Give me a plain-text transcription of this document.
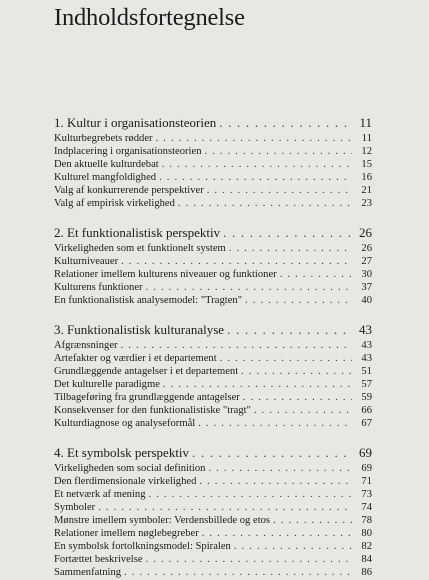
Indholdsfortegnelse
1. Kultur i organisationsteorien . . .	11
Kulturbegrebets rødder . . .	11
Indplacering i organisationsteorien . . .	12
Den aktuelle kulturdebat . . .	15
Kulturel mangfoldighed . . .	16
Valg af konkurrerende perspektiver . . .	21
Valg af empirisk virkelighed . . .	23
2. Et funktionalistisk perspektiv . . .	26
Virkeligheden som et funktionelt system . . .	26
Kulturniveauer . . .	27
Relationer imellem kulturens niveauer og funktioner . . .	30
Kulturens funktioner . . .	37
En funktionalistisk analysemodel: "Tragten" . . .	40
3. Funktionalistisk kulturanalyse . . .	43
Afgrænsninger . . .	43
Artefakter og værdier i et departement . . .	43
Grundlæggende antagelser i et departement . . .	51
Det kulturelle paradigme . . .	57
Tilbageføring fra grundlæggende antagelser . . .	59
Konsekvenser for den funktionalistiske "tragt" . . .	66
Kulturdiagnose og analyseformål . . .	67
4. Et symbolsk perspektiv . . .	69
Virkeligheden som social definition . . .	69
Den flerdimensionale virkelighed . . .	71
Et netværk af mening . . .	73
Symboler . . .	74
Mønstre imellem symboler: Verdensbillede og etos . . .	78
Relationer imellem nøglebegreber . . .	80
En symbolsk fortolkningsmodel: Spiralen . . .	82
Fortættet beskrivelse . . .	84
Sammenfatning . . .	86
